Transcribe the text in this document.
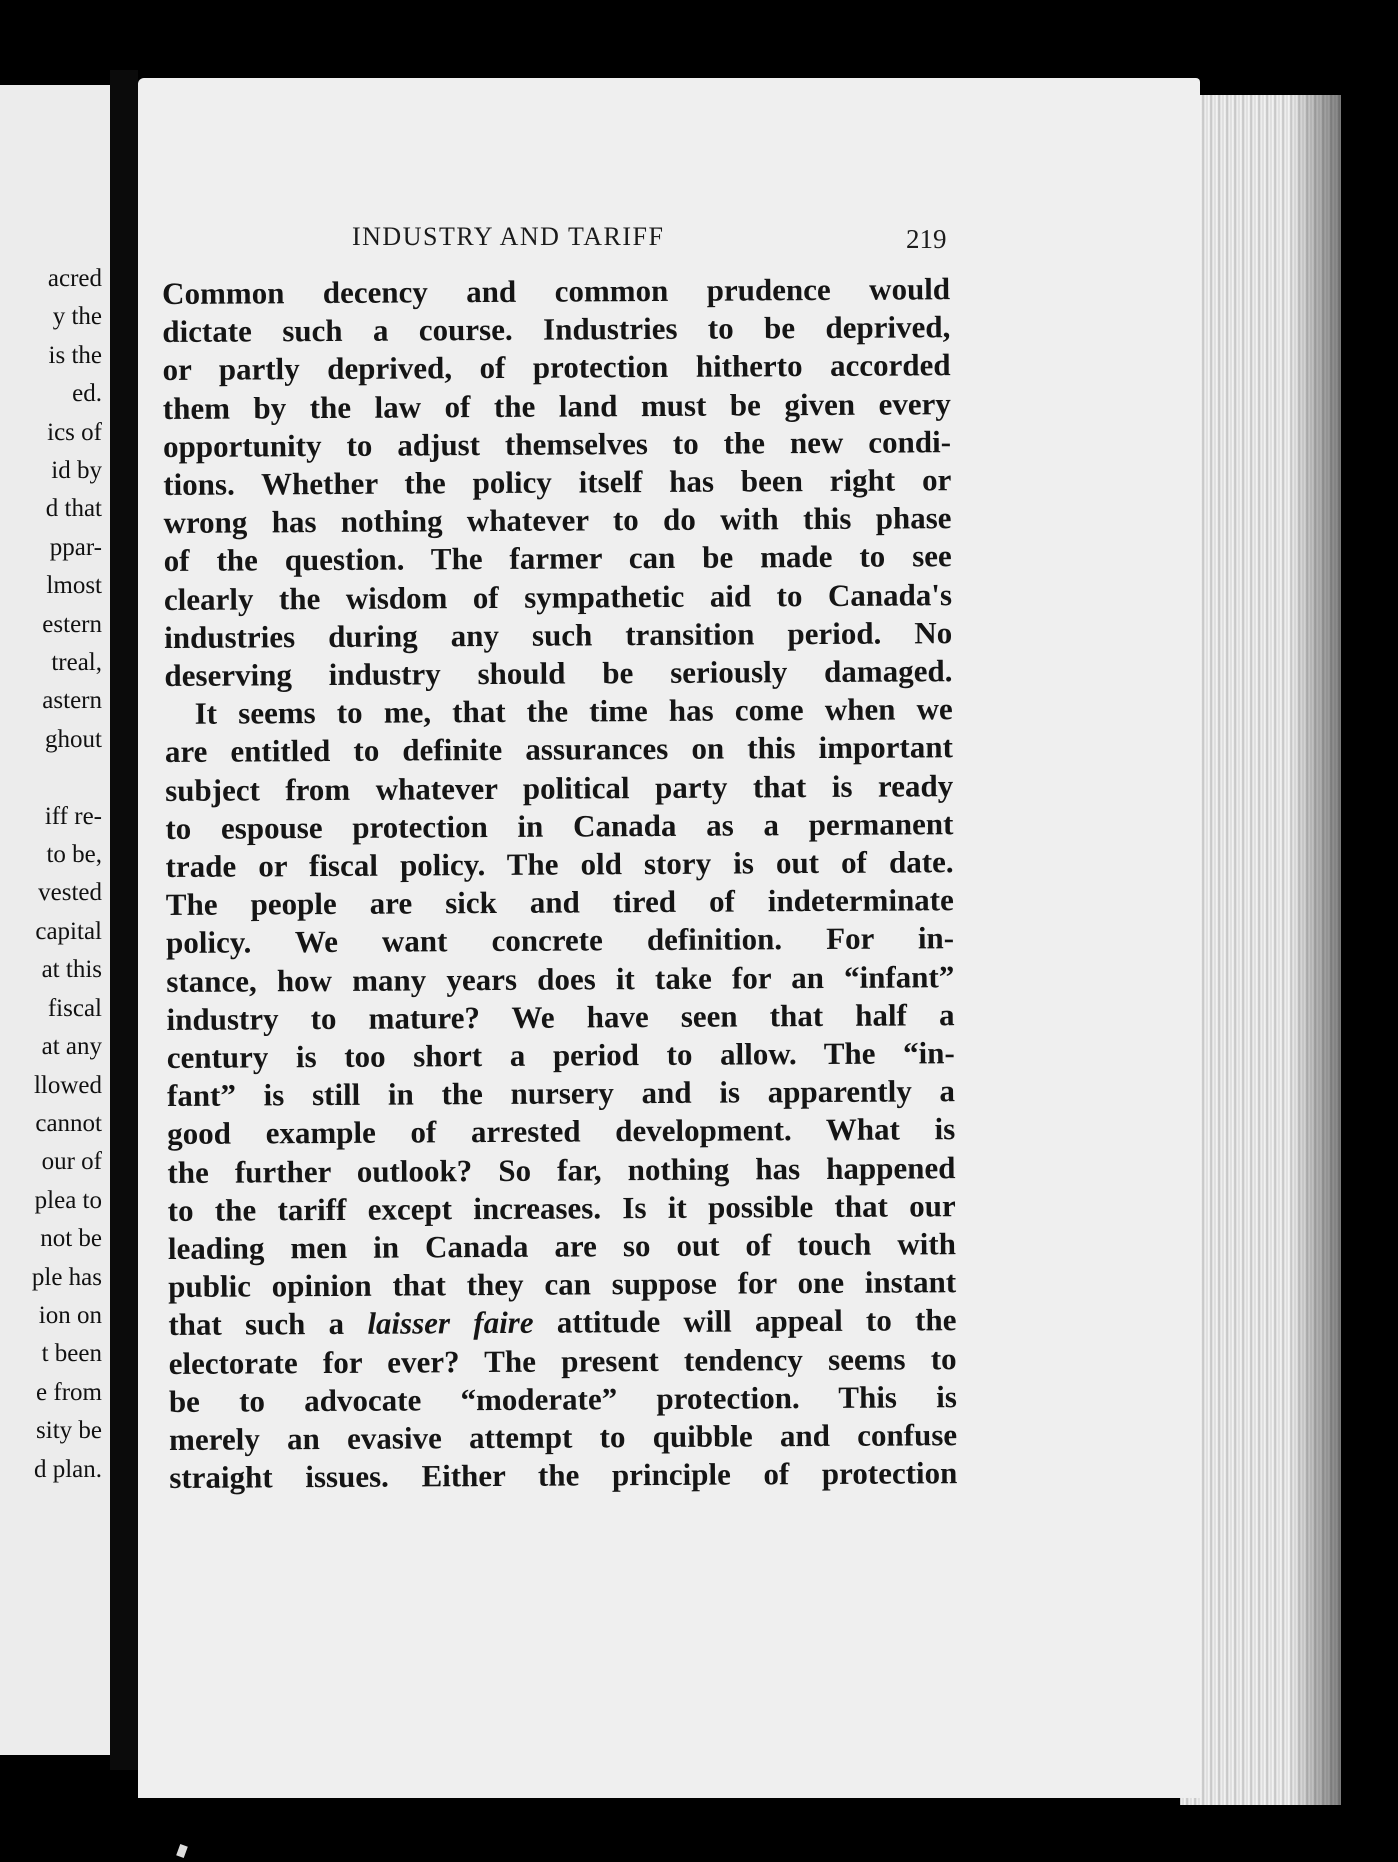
acred
y the
is the
ed.
ics of
id by
d that
ppar-
lmost
estern
treal,
astern
ghout
iff re-
to be,
vested
capital
at this
fiscal
at any
llowed
cannot
our of
plea to
not be
ple has
ion on
t been
e from
sity be
d plan.
INDUSTRY AND TARIFF	219
Common decency and common prudence would
dictate such a course. Industries to be deprived,
or partly deprived, of protection hitherto accorded
them by the law of the land must be given every
opportunity to adjust themselves to the new condi-
tions. Whether the policy itself has been right or
wrong has nothing whatever to do with this phase
of the question. The farmer can be made to see
clearly the wisdom of sympathetic aid to Canada's
industries during any such transition period. No
deserving industry should be seriously damaged.
It seems to me, that the time has come when we
are entitled to definite assurances on this important
subject from whatever political party that is ready
to espouse protection in Canada as a permanent
trade or fiscal policy. The old story is out of date.
The people are sick and tired of indeterminate
policy. We want concrete definition. For in-
stance, how many years does it take for an “infant”
industry to mature? We have seen that half a
century is too short a period to allow. The “in-
fant” is still in the nursery and is apparently a
good example of arrested development. What is
the further outlook? So far, nothing has happened
to the tariff except increases. Is it possible that our
leading men in Canada are so out of touch with
public opinion that they can suppose for one instant
that such a laisser faire attitude will appeal to the
electorate for ever? The present tendency seems to
be to advocate “moderate” protection. This is
merely an evasive attempt to quibble and confuse
straight issues. Either the principle of protection
